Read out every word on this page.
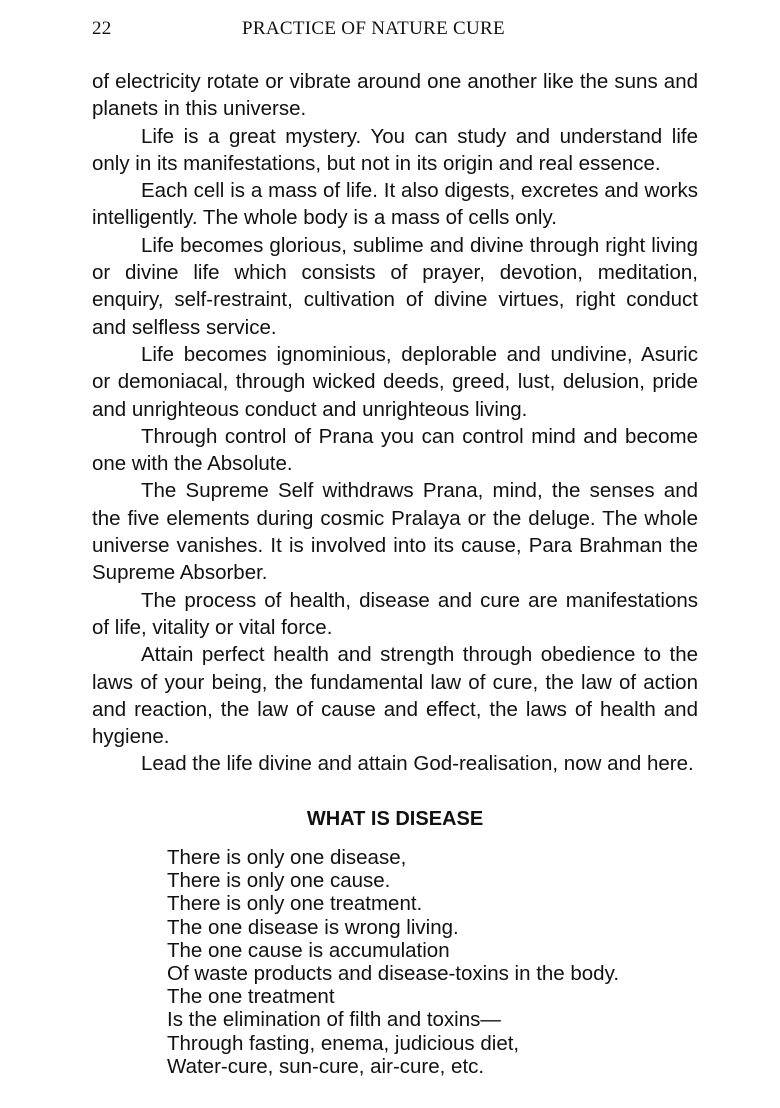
22	PRACTICE OF NATURE CURE

of electricity rotate or vibrate around one another like the suns and planets in this universe.

Life is a great mystery. You can study and understand life only in its manifestations, but not in its origin and real essence.

Each cell is a mass of life. It also digests, excretes and works intelligently. The whole body is a mass of cells only.

Life becomes glorious, sublime and divine through right living or divine life which consists of prayer, devotion, meditation, enquiry, self-restraint, cultivation of divine virtues, right conduct and selfless service.

Life becomes ignominious, deplorable and undivine, Asuric or demoniacal, through wicked deeds, greed, lust, delusion, pride and unrighteous conduct and unrighteous living.

Through control of Prana you can control mind and become one with the Absolute.

The Supreme Self withdraws Prana, mind, the senses and the five elements during cosmic Pralaya or the deluge. The whole universe vanishes. It is involved into its cause, Para Brahman the Supreme Absorber.

The process of health, disease and cure are manifestations of life, vitality or vital force.

Attain perfect health and strength through obedience to the laws of your being, the fundamental law of cure, the law of action and reaction, the law of cause and effect, the laws of health and hygiene.

Lead the life divine and attain God-realisation, now and here.

WHAT IS DISEASE
There is only one disease,
There is only one cause.
There is only one treatment.
The one disease is wrong living.
The one cause is accumulation
Of waste products and disease-toxins in the body.
The one treatment
Is the elimination of filth and toxins—
Through fasting, enema, judicious diet,
Water-cure, sun-cure, air-cure, etc.
